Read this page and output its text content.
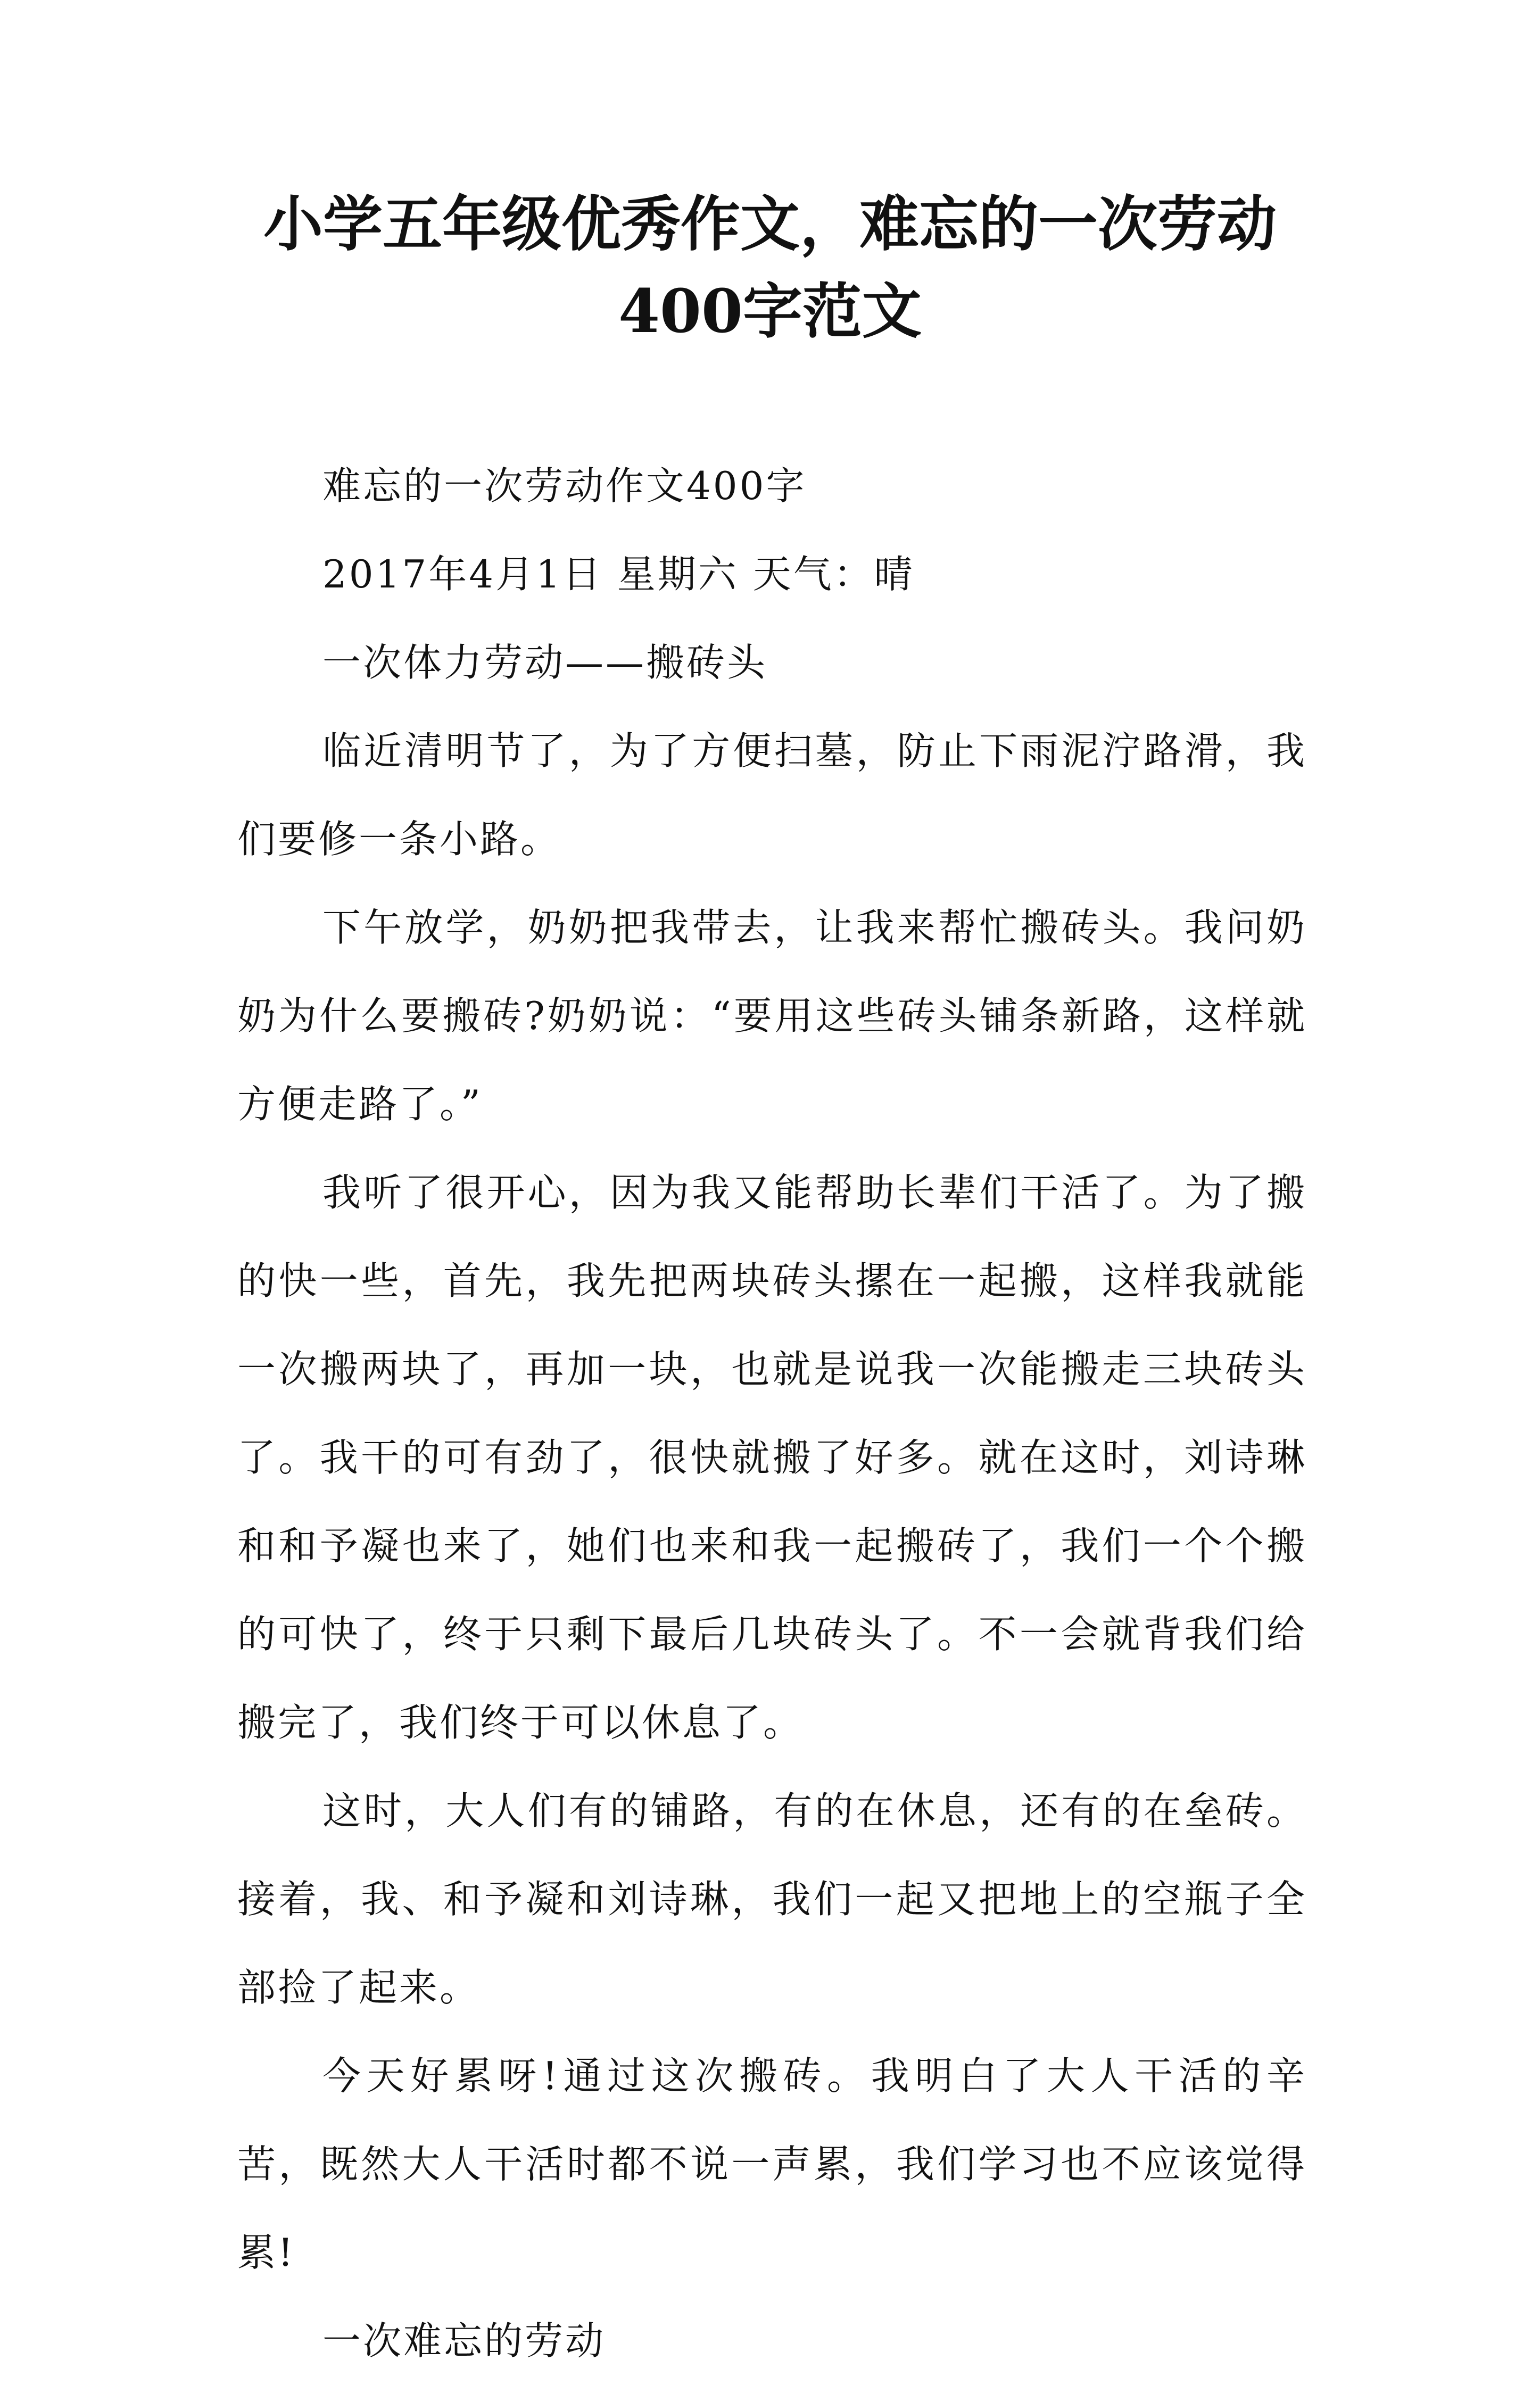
小学五年级优秀作文，难忘的一次劳动400字范文

难忘的一次劳动作文400字

2017年4月1日 星期六 天气：晴

一次体力劳动——搬砖头

临近清明节了，为了方便扫墓，防止下雨泥泞路滑，我们要修一条小路。

下午放学，奶奶把我带去，让我来帮忙搬砖头。我问奶奶为什么要搬砖?奶奶说：“要用这些砖头铺条新路，这样就方便走路了。”

我听了很开心，因为我又能帮助长辈们干活了。为了搬的快一些，首先，我先把两块砖头摞在一起搬，这样我就能一次搬两块了，再加一块，也就是说我一次能搬走三块砖头了。我干的可有劲了，很快就搬了好多。就在这时，刘诗琳和和予凝也来了，她们也来和我一起搬砖了，我们一个个搬的可快了，终于只剩下最后几块砖头了。不一会就背我们给搬完了，我们终于可以休息了。

这时，大人们有的铺路，有的在休息，还有的在垒砖。接着，我、和予凝和刘诗琳，我们一起又把地上的空瓶子全部捡了起来。

今天好累呀!通过这次搬砖。我明白了大人干活的辛苦，既然大人干活时都不说一声累，我们学习也不应该觉得累!

一次难忘的劳动
